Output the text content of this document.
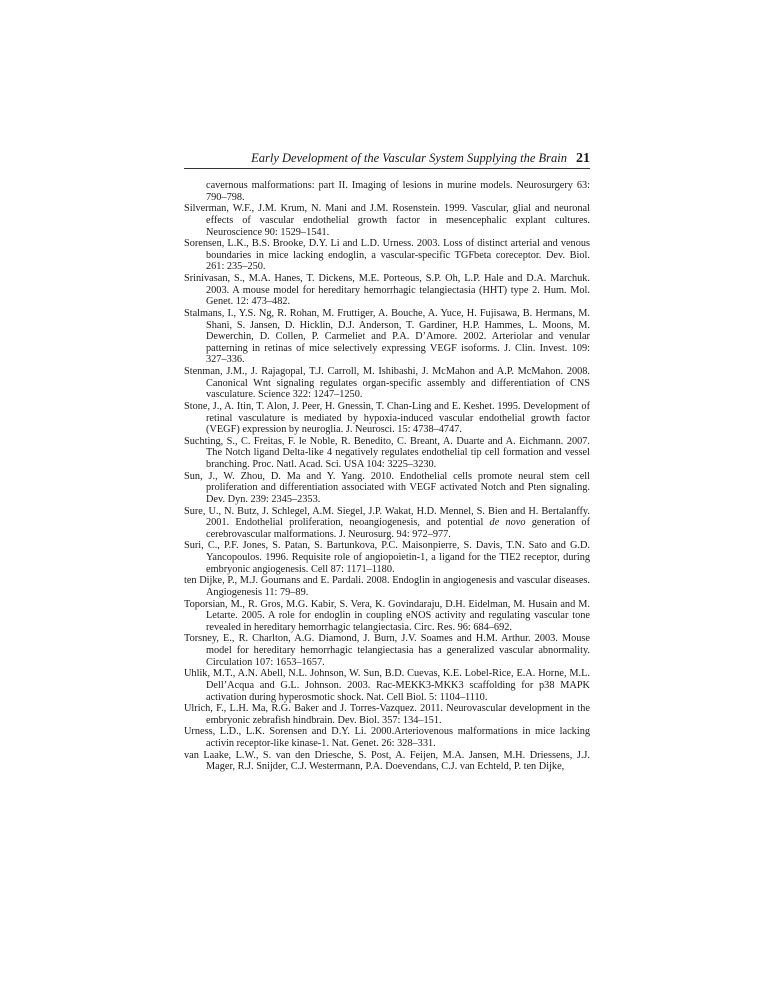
Early Development of the Vascular System Supplying the Brain 21

cavernous malformations: part II. Imaging of lesions in murine models. Neurosurgery 63: 790–798.

Silverman, W.F., J.M. Krum, N. Mani and J.M. Rosenstein. 1999. Vascular, glial and neuronal effects of vascular endothelial growth factor in mesencephalic explant cultures. Neuroscience 90: 1529–1541.

Sorensen, L.K., B.S. Brooke, D.Y. Li and L.D. Urness. 2003. Loss of distinct arterial and venous boundaries in mice lacking endoglin, a vascular-specific TGFbeta coreceptor. Dev. Biol. 261: 235–250.

Srinivasan, S., M.A. Hanes, T. Dickens, M.E. Porteous, S.P. Oh, L.P. Hale and D.A. Marchuk. 2003. A mouse model for hereditary hemorrhagic telangiectasia (HHT) type 2. Hum. Mol. Genet. 12: 473–482.

Stalmans, I., Y.S. Ng, R. Rohan, M. Fruttiger, A. Bouche, A. Yuce, H. Fujisawa, B. Hermans, M. Shani, S. Jansen, D. Hicklin, D.J. Anderson, T. Gardiner, H.P. Hammes, L. Moons, M. Dewerchin, D. Collen, P. Carmeliet and P.A. D’Amore. 2002. Arteriolar and venular patterning in retinas of mice selectively expressing VEGF isoforms. J. Clin. Invest. 109: 327–336.

Stenman, J.M., J. Rajagopal, T.J. Carroll, M. Ishibashi, J. McMahon and A.P. McMahon. 2008. Canonical Wnt signaling regulates organ-specific assembly and differentiation of CNS vasculature. Science 322: 1247–1250.

Stone, J., A. Itin, T. Alon, J. Peer, H. Gnessin, T. Chan-Ling and E. Keshet. 1995. Development of retinal vasculature is mediated by hypoxia-induced vascular endothelial growth factor (VEGF) expression by neuroglia. J. Neurosci. 15: 4738–4747.

Suchting, S., C. Freitas, F. le Noble, R. Benedito, C. Breant, A. Duarte and A. Eichmann. 2007. The Notch ligand Delta-like 4 negatively regulates endothelial tip cell formation and vessel branching. Proc. Natl. Acad. Sci. USA 104: 3225–3230.

Sun, J., W. Zhou, D. Ma and Y. Yang. 2010. Endothelial cells promote neural stem cell proliferation and differentiation associated with VEGF activated Notch and Pten signaling. Dev. Dyn. 239: 2345–2353.

Sure, U., N. Butz, J. Schlegel, A.M. Siegel, J.P. Wakat, H.D. Mennel, S. Bien and H. Bertalanffy. 2001. Endothelial proliferation, neoangiogenesis, and potential de novo generation of cerebrovascular malformations. J. Neurosurg. 94: 972–977.

Suri, C., P.F. Jones, S. Patan, S. Bartunkova, P.C. Maisonpierre, S. Davis, T.N. Sato and G.D. Yancopoulos. 1996. Requisite role of angiopoietin-1, a ligand for the TIE2 receptor, during embryonic angiogenesis. Cell 87: 1171–1180.

ten Dijke, P., M.J. Goumans and E. Pardali. 2008. Endoglin in angiogenesis and vascular diseases. Angiogenesis 11: 79–89.

Toporsian, M., R. Gros, M.G. Kabir, S. Vera, K. Govindaraju, D.H. Eidelman, M. Husain and M. Letarte. 2005. A role for endoglin in coupling eNOS activity and regulating vascular tone revealed in hereditary hemorrhagic telangiectasia. Circ. Res. 96: 684–692.

Torsney, E., R. Charlton, A.G. Diamond, J. Burn, J.V. Soames and H.M. Arthur. 2003. Mouse model for hereditary hemorrhagic telangiectasia has a generalized vascular abnormality. Circulation 107: 1653–1657.

Uhlik, M.T., A.N. Abell, N.L. Johnson, W. Sun, B.D. Cuevas, K.E. Lobel-Rice, E.A. Horne, M.L. Dell’Acqua and G.L. Johnson. 2003. Rac-MEKK3-MKK3 scaffolding for p38 MAPK activation during hyperosmotic shock. Nat. Cell Biol. 5: 1104–1110.

Ulrich, F., L.H. Ma, R.G. Baker and J. Torres-Vazquez. 2011. Neurovascular development in the embryonic zebrafish hindbrain. Dev. Biol. 357: 134–151.

Urness, L.D., L.K. Sorensen and D.Y. Li. 2000.Arteriovenous malformations in mice lacking activin receptor-like kinase-1. Nat. Genet. 26: 328–331.

van Laake, L.W., S. van den Driesche, S. Post, A. Feijen, M.A. Jansen, M.H. Driessens, J.J. Mager, R.J. Snijder, C.J. Westermann, P.A. Doevendans, C.J. van Echteld, P. ten Dijke,
